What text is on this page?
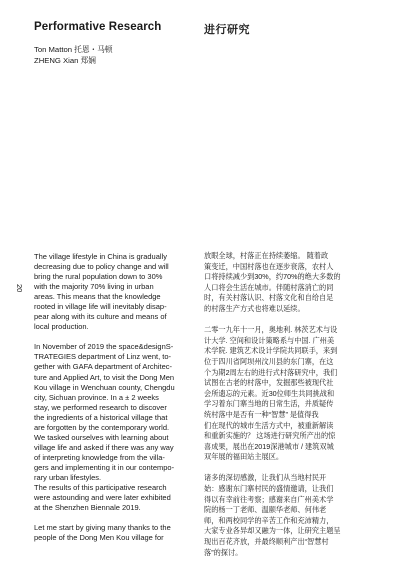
Performative Research	进行研究
Ton Matton 托恩・马顿
ZHENG Xian 郑娴
20

The village lifestyle in China is gradually
decreasing due to policy change and will
bring the rural population down to 30%
with the majority 70% living in urban
areas. This means that the knowledge
rooted in village life will inevitably disap-
pear along with its culture and means of
local production.

In November of 2019 the space&designS-
TRATEGIES department of Linz went, to-
gether with GAFA department of Architec-
ture and Applied Art, to visit the Dong Men
Kou village in Wenchuan county, Chengdu
city, Sichuan province. In a ± 2 weeks
stay, we performed research to discover
the ingredients of a historical village that
are forgotten by the contemporary world.
We tasked ourselves with learning about
village life and asked if there was any way
of interpreting knowledge from the villa-
gers and implementing it in our contempo-
rary urban lifestyles.
The results of this participative research
were astounding and were later exhibited
at the Shenzhen Biennale 2019.

Let me start by giving many thanks to the
people of the Dong Men Kou village for

放眼全球，村落正在持续萎缩。 随着政
策变迁，中国村落也在逐步衰落，农村人
口将持续减少到30%，约70%的绝大多数的
人口将会生活在城市。伴随村落消亡的同
时，有关村落认识、村落文化和自给自足
的村落生产方式也将难以延续。

二零一九年十一月，奥地利. 林茨艺术与设
计大学. 空间和设计策略系与中国. 广州美
术学院. 建筑艺术设计学院共同联手，来到
位于四川省阿坝州汶川县的东门寨，在这
个为期2周左右的进行式村落研究中，我们
试图在古老的村落中，发掘那些被现代社
会所遗忘的元素。近30位师生共同挑战和
学习着东门寨当地的日常生活，并质疑传
统村落中是否有一种“智慧” 是值得我
们在现代的城市生活方式中，被重新解读
和重新实施的？ 这场进行研究所产出的惊
喜成果，展出在2019深港城市 / 建筑双城
双年展的福田站主展区。

诸多的深切感激，让我们从当地村民开
始：感谢东门寨村民的盛情邀请，让我们
得以有幸前往考察；感谢来自广州美术学
院的杨一丁老师、温颐华老师、何伟老
师，和两校同学的辛苦工作和充沛精力，
大家专业各异却又融为一体，让研究主题呈
现出百花齐放，并最终顺利产出“智慧村
落”的探讨。
